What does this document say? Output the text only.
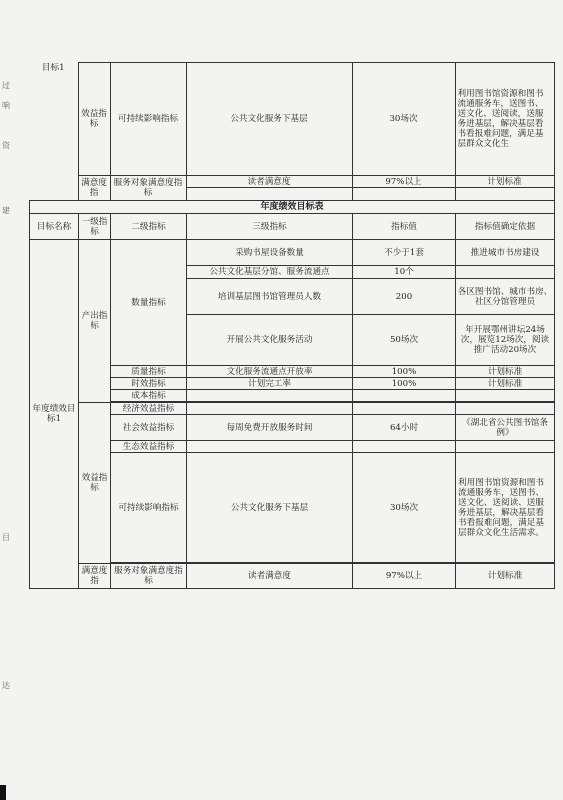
目标1	效益指标	可持续影响指标	公共文化服务下基层	30场次	利用图书馆资源和图书流通服务车，送图书、送文化、送阅读，送服务进基层，解决基层看书看报难问题，满足基层群众文化生
	满意度指	服务对象满意度指标	读者满意度	97%以上	计划标准

年度绩效目标表					
目标名称	一级指标	二级指标	三级指标	指标值	指标值确定依据
年度绩效目标1	产出指标	数量指标	采购书屋设备数量	不少于1套	推进城市书房建设
			公共文化基层分馆、服务流通点	10个	
			培训基层图书馆管理员人数	200	各区图书馆、城市书房、社区分馆管理员
			开展公共文化服务活动	50场次	年开展鄂州讲坛24场次，展览12场次，阅读推广活动20场次
		质量指标	文化服务流通点开放率	100%	计划标准
		时效指标	计划完工率	100%	计划标准
		成本指标			

	效益指标	经济效益指标			
		社会效益指标	每周免费开放服务时间	64小时	《湖北省公共图书馆条例》
		生态效益指标			
		可持续影响指标	公共文化服务下基层	30场次	利用图书馆资源和图书流通服务车，送图书、送文化、送阅读、送服务进基层，解决基层看书看报难问题，满足基层群众文化生活需求。

	满意度指	服务对象满意度指标	读者满意度	97%以上	计划标准
过
响
资
建
目
达
